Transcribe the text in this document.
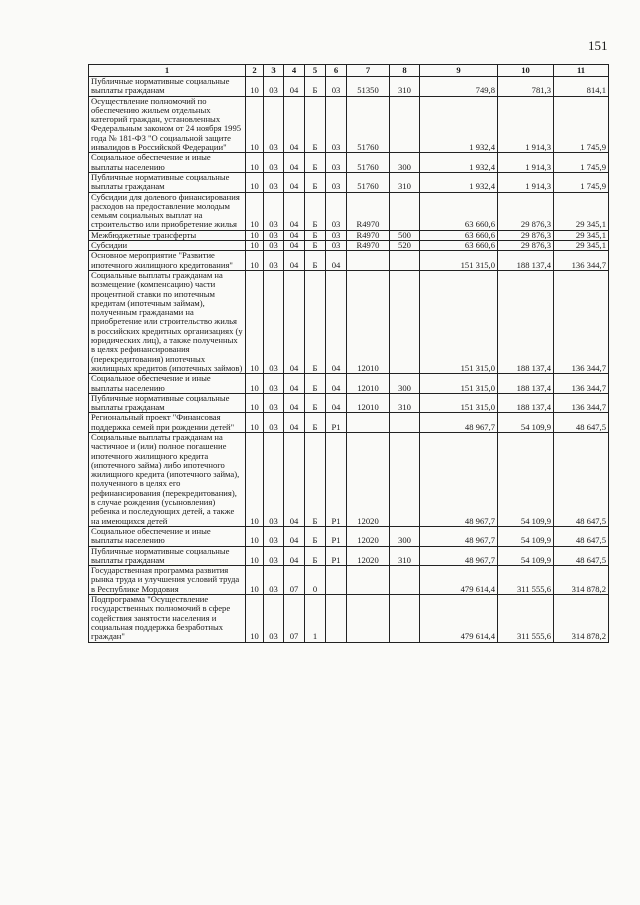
151
1	2	3	4	5	6	7	8	9	10	11
Публичные нормативные социальные выплаты гражданам	10	03	04	Б	03	51350	310	749,8	781,3	814,1
Осуществление полномочий по обеспечению жильем отдельных категорий граждан, установленных Федеральным законом от 24 ноября 1995 года № 181-ФЗ "О социальной защите инвалидов в Российской Федерации"	10	03	04	Б	03	51760		1 932,4	1 914,3	1 745,9
Социальное обеспечение и иные выплаты населению	10	03	04	Б	03	51760	300	1 932,4	1 914,3	1 745,9
Публичные нормативные социальные выплаты гражданам	10	03	04	Б	03	51760	310	1 932,4	1 914,3	1 745,9
Субсидии для долевого финансирования расходов на предоставление молодым семьям социальных выплат на строительство или приобретение жилья	10	03	04	Б	03	R4970		63 660,6	29 876,3	29 345,1
Межбюджетные трансферты	10	03	04	Б	03	R4970	500	63 660,6	29 876,3	29 345,1
Субсидии	10	03	04	Б	03	R4970	520	63 660,6	29 876,3	29 345,1
Основное мероприятие "Развитие ипотечного жилищного кредитования"	10	03	04	Б	04			151 315,0	188 137,4	136 344,7
Социальные выплаты гражданам на возмещение (компенсацию) части процентной ставки по ипотечным кредитам (ипотечным займам), полученным гражданами на приобретение или строительство жилья в российских кредитных организациях (у юридических лиц), а также полученных в целях рефинансирования (перекредитования) ипотечных жилищных кредитов (ипотечных займов)	10	03	04	Б	04	12010		151 315,0	188 137,4	136 344,7
Социальное обеспечение и иные выплаты населению	10	03	04	Б	04	12010	300	151 315,0	188 137,4	136 344,7
Публичные нормативные социальные выплаты гражданам	10	03	04	Б	04	12010	310	151 315,0	188 137,4	136 344,7
Региональный проект "Финансовая поддержка семей при рождении детей"	10	03	04	Б	P1			48 967,7	54 109,9	48 647,5
Социальные выплаты гражданам на частичное и (или) полное погашение ипотечного жилищного кредита (ипотечного займа) либо ипотечного жилищного кредита (ипотечного займа), полученного в целях его рефинансирования (перекредитования), в случае рождения (усыновления) ребенка и последующих детей, а также на имеющихся детей	10	03	04	Б	P1	12020		48 967,7	54 109,9	48 647,5
Социальное обеспечение и иные выплаты населению	10	03	04	Б	P1	12020	300	48 967,7	54 109,9	48 647,5
Публичные нормативные социальные выплаты гражданам	10	03	04	Б	P1	12020	310	48 967,7	54 109,9	48 647,5
Государственная программа развития рынка труда и улучшения условий труда в Республике Мордовия	10	03	07	0				479 614,4	311 555,6	314 878,2
Подпрограмма "Осуществление государственных полномочий в сфере содействия занятости населения и социальная поддержка безработных граждан"	10	03	07	1				479 614,4	311 555,6	314 878,2
